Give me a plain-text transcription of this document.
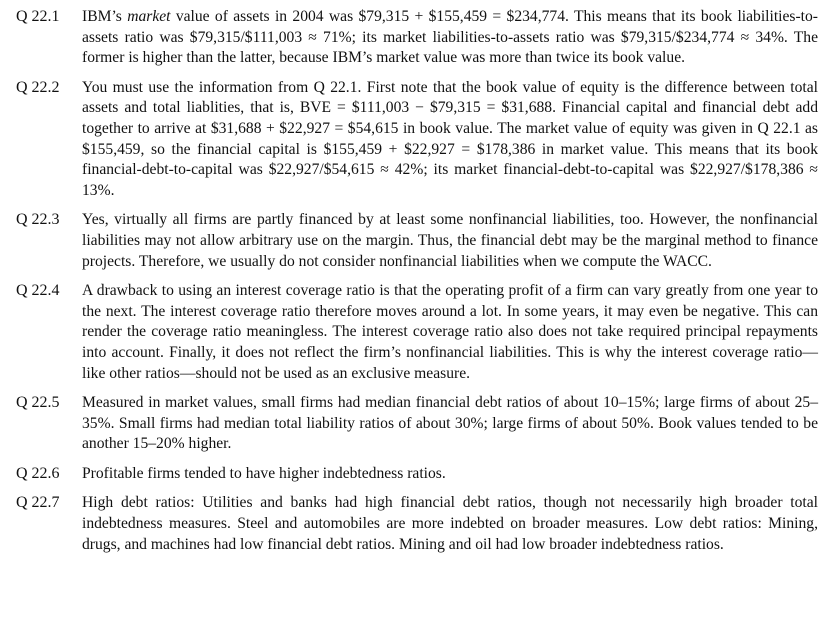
Q 22.1	IBM’s market value of assets in 2004 was $79,315 + $155,459 = $234,774. This means that its book liabilities-to-assets ratio was $79,315/$111,003 ≈ 71%; its market liabilities-to-assets ratio was $79,315/$234,774 ≈ 34%. The former is higher than the latter, because IBM’s market value was more than twice its book value.
Q 22.2	You must use the information from Q 22.1. First note that the book value of equity is the difference between total assets and total liablities, that is, BVE = $111,003 − $79,315 = $31,688. Financial capital and financial debt add together to arrive at $31,688 + $22,927 = $54,615 in book value. The market value of equity was given in Q 22.1 as $155,459, so the financial capital is $155,459 + $22,927 = $178,386 in market value. This means that its book financial-debt-to-capital was $22,927/$54,615 ≈ 42%; its market financial-debt-to-capital was $22,927/$178,386 ≈ 13%.
Q 22.3	Yes, virtually all firms are partly financed by at least some nonfinancial liabilities, too. However, the nonfinancial liabilities may not allow arbitrary use on the margin. Thus, the financial debt may be the marginal method to finance projects. Therefore, we usually do not consider nonfinancial liabilities when we compute the WACC.
Q 22.4	A drawback to using an interest coverage ratio is that the operating profit of a firm can vary greatly from one year to the next. The interest coverage ratio therefore moves around a lot. In some years, it may even be negative. This can render the coverage ratio meaningless. The interest coverage ratio also does not take required principal repayments into account. Finally, it does not reflect the firm’s nonfinancial liabilities. This is why the interest coverage ratio—like other ratios—should not be used as an exclusive measure.
Q 22.5	Measured in market values, small firms had median financial debt ratios of about 10–15%; large firms of about 25–35%. Small firms had median total liability ratios of about 30%; large firms of about 50%. Book values tended to be another 15–20% higher.
Q 22.6	Profitable firms tended to have higher indebtedness ratios.
Q 22.7	High debt ratios: Utilities and banks had high financial debt ratios, though not necessarily high broader total indebtedness measures. Steel and automobiles are more indebted on broader measures. Low debt ratios: Mining, drugs, and machines had low financial debt ratios. Mining and oil had low broader indebtedness ratios.
